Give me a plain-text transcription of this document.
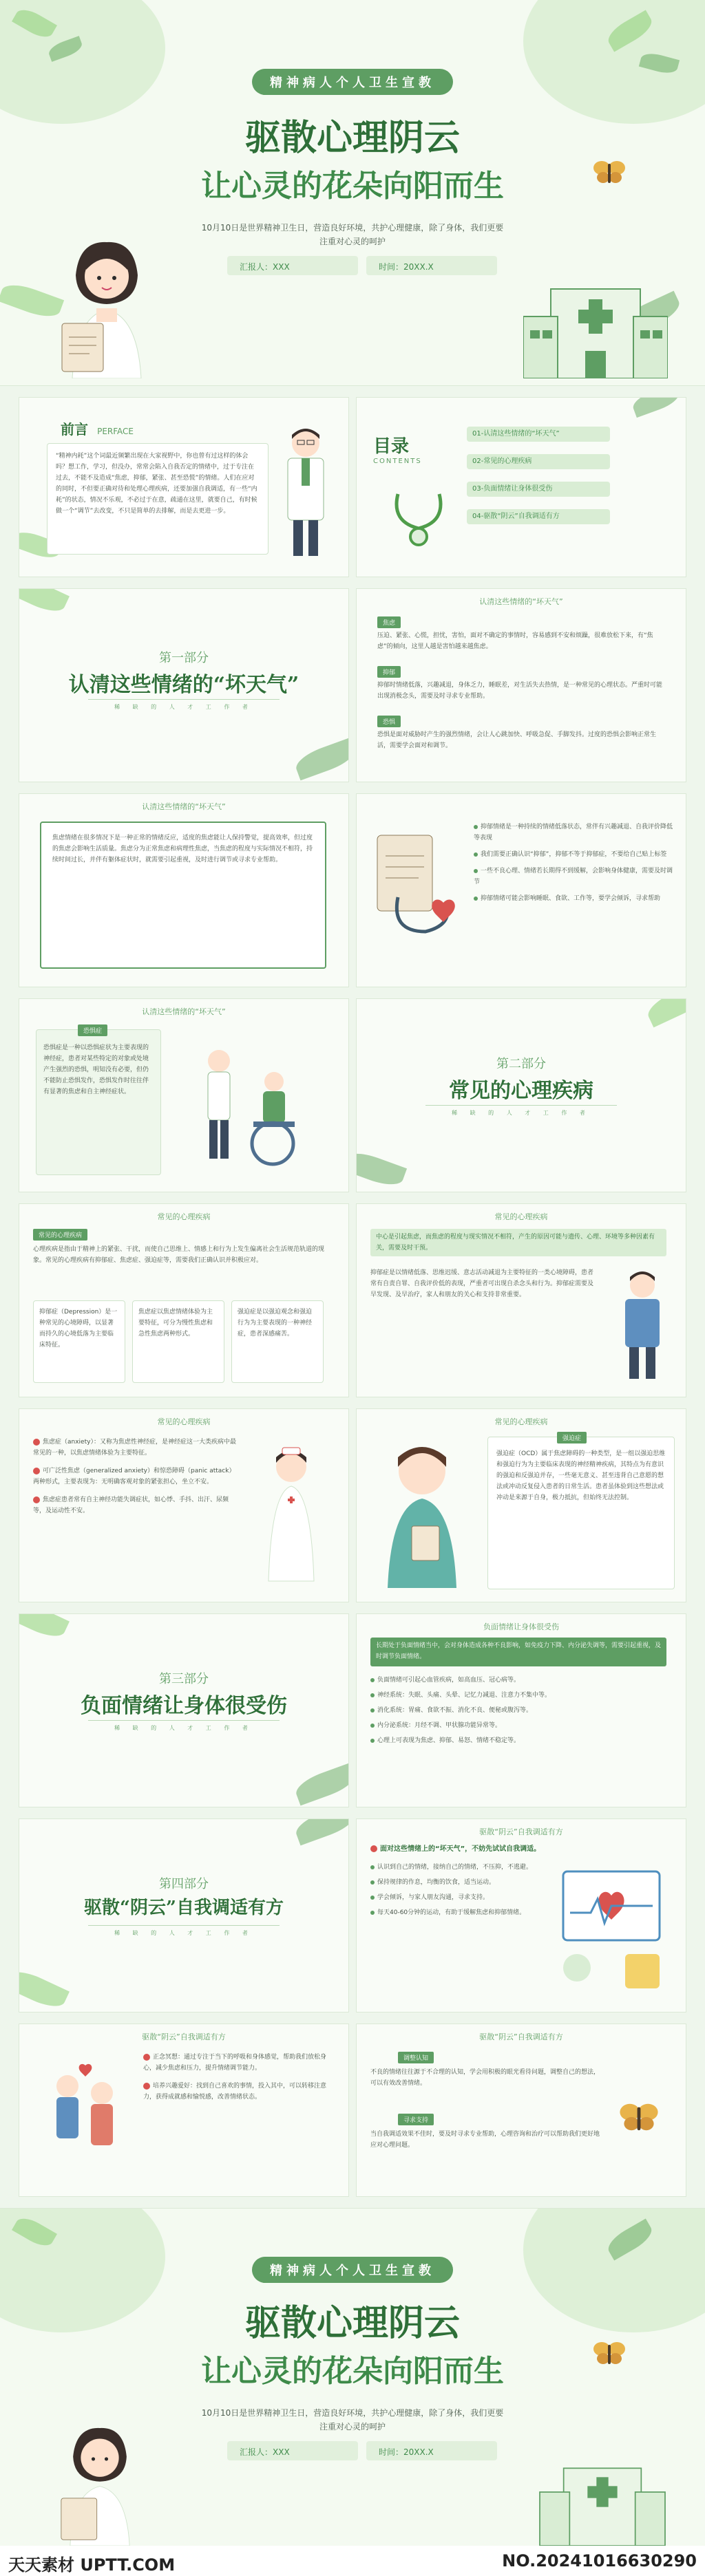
精神病人个人卫生宣教
驱散心理阴云
让心灵的花朵向阳而生
10月10日是世界精神卫生日，营造良好环境，共护心理健康，除了身体，我们更要
注重对心灵的呵护
汇报人：XXX	时间：20XX.X
前言 PERFACE
“精神内耗”这个词最近频繁出现在大家视野中，你也曾有过这样的体会吗？想工作，学习，但没办，常常会陷入自我否定的情绪中，过于专注在过去，不能不及造成“焦虑，抑郁，紧张、甚至恐慌”的情绪。人们在应对的同时，不但要正确对待和处理心理疾病，还要加强自我调适，有一些“内耗”的状态，情况不乐观，不必过于在意，疏通在这里，就要自己，有时候做一个“调节”去改变，不只是简单的去排解，而是去更进一步。
目录
CONTENTS
01-认清这些情绪的“坏天气”
02-常见的心理疾病
03-负面情绪让身体很受伤
04-驱散“阴云”自我调适有方
第一部分
认清这些情绪的“坏天气”
稀 缺 的 人 才 工 作 者
认清这些情绪的“坏天气”
焦虑
压迫、紧张、心慌，担忧，害怕，面对不确定的事情时，容易感到不安和烦躁，很难放松下来，有“焦虑”的倾向，这里人越是害怕越来越焦虑。
抑郁
抑郁时情绪低落，兴趣减退，身体乏力，睡眠差，对生活失去热情，是一种常见的心理状态。严重时可能出现消极念头，需要及时寻求专业帮助。
恐惧
恐惧是面对威胁时产生的强烈情绪，会让人心跳加快、呼吸急促、手脚发抖。过度的恐惧会影响正常生活，需要学会面对和调节。
认清这些情绪的“坏天气”
焦虑情绪在很多情况下是一种正常的情绪反应，适度的焦虑能让人保持警觉，提高效率，但过度的焦虑会影响生活质量。焦虑分为正常焦虑和病理性焦虑，当焦虑的程度与实际情况不相符，持续时间过长，并伴有躯体症状时，就需要引起重视，及时进行调节或寻求专业帮助。
抑郁情绪是一种持续的情绪低落状态，常伴有兴趣减退、自我评价降低等表现
我们需要正确认识“抑郁”，抑郁不等于抑郁症，不要给自己贴上标签
一些不良心理、情绪若长期得不到缓解，会影响身体健康，需要及时调节
抑郁情绪可能会影响睡眠、食欲、工作等，要学会倾诉，寻求帮助
认清这些情绪的“坏天气”
恐惧症
恐惧症是一种以恐惧症状为主要表现的神经症，患者对某些特定的对象或处境产生强烈的恐惧，明知没有必要，但仍不能防止恐惧发作，恐惧发作时往往伴有显著的焦虑和自主神经症状。
第二部分
常见的心理疾病
稀 缺 的 人 才 工 作 者
常见的心理疾病
常见的心理疾病
心理疾病是指由于精神上的紧张、干扰，而使自己思维上、情感上和行为上发生偏离社会生活规范轨道的现象。常见的心理疾病有抑郁症、焦虑症、强迫症等，需要我们正确认识并积极应对。
抑郁症（Depression）是一种常见的心境障碍，以显著而持久的心境低落为主要临床特征。
焦虑症以焦虑情绪体验为主要特征，可分为慢性焦虑和急性焦虑两种形式。
强迫症是以强迫观念和强迫行为为主要表现的一种神经症，患者深感痛苦。
常见的心理疾病
中心是引起焦虑，而焦虑的程度与现实情况不相符，产生的原因可能与遗传、心理、环境等多种因素有关，需要及时干预。
抑郁症是以情绪低落、思维迟缓、意志活动减退为主要特征的一类心境障碍，患者常有自责自罪、自我评价低的表现，严重者可出现自杀念头和行为。抑郁症需要及早发现、及早治疗，家人和朋友的关心和支持非常重要。
常见的心理疾病
焦虑症（anxiety）：又称为焦虑性神经症，是神经症这一大类疾病中最常见的一种，以焦虑情绪体验为主要特征。
可广泛性焦虑（generalized anxiety）和惊恐障碍（panic attack）两种形式，主要表现为：无明确客观对象的紧张担心，坐立不安。
焦虑症患者常有自主神经功能失调症状，如心悸、手抖、出汗、尿频等，及运动性不安。
常见的心理疾病
强迫症
强迫症（OCD）属于焦虑障碍的一种类型，是一组以强迫思维和强迫行为为主要临床表现的神经精神疾病，其特点为有意识的强迫和反强迫并存，一些毫无意义、甚至违背自己意愿的想法或冲动反复侵入患者的日常生活。患者虽体验到这些想法或冲动是来源于自身，极力抵抗，但始终无法控制。
第三部分
负面情绪让身体很受伤
稀 缺 的 人 才 工 作 者
负面情绪让身体很受伤
长期处于负面情绪当中，会对身体造成各种不良影响，如免疫力下降、内分泌失调等，需要引起重视，及时调节负面情绪。
负面情绪可引起心血管疾病，如高血压、冠心病等。
神经系统：失眠、头痛、头晕、记忆力减退、注意力不集中等。
消化系统：胃痛、食欲不振、消化不良、便秘或腹泻等。
内分泌系统：月经不调、甲状腺功能异常等。
心理上可表现为焦虑、抑郁、易怒、情绪不稳定等。
第四部分
驱散“阴云”自我调适有方
稀 缺 的 人 才 工 作 者
驱散“阴云”自我调适有方
面对这些情绪上的“坏天气”，不妨先试试自我调适。
认识到自己的情绪，接纳自己的情绪，不压抑，不逃避。
保持规律的作息，均衡的饮食，适当运动。
学会倾诉，与家人朋友沟通，寻求支持。
每天40-60分钟的运动，有助于缓解焦虑和抑郁情绪。
驱散“阴云”自我调适有方
正念冥想：通过专注于当下的呼吸和身体感觉，帮助我们放松身心，减少焦虑和压力，提升情绪调节能力。
培养兴趣爱好：找到自己喜欢的事情，投入其中，可以转移注意力，获得成就感和愉悦感，改善情绪状态。
驱散“阴云”自我调适有方
调整认知
不良的情绪往往源于不合理的认知，学会用积极的眼光看待问题，调整自己的想法，可以有效改善情绪。
寻求支持
当自我调适效果不佳时，要及时寻求专业帮助，心理咨询和治疗可以帮助我们更好地应对心理问题。
精神病人个人卫生宣教
驱散心理阴云
让心灵的花朵向阳而生
10月10日是世界精神卫生日，营造良好环境，共护心理健康，除了身体，我们更要
注重对心灵的呵护
汇报人：XXX	时间：20XX.X
天天素材 UPTT.COM	NO.20241016630290
